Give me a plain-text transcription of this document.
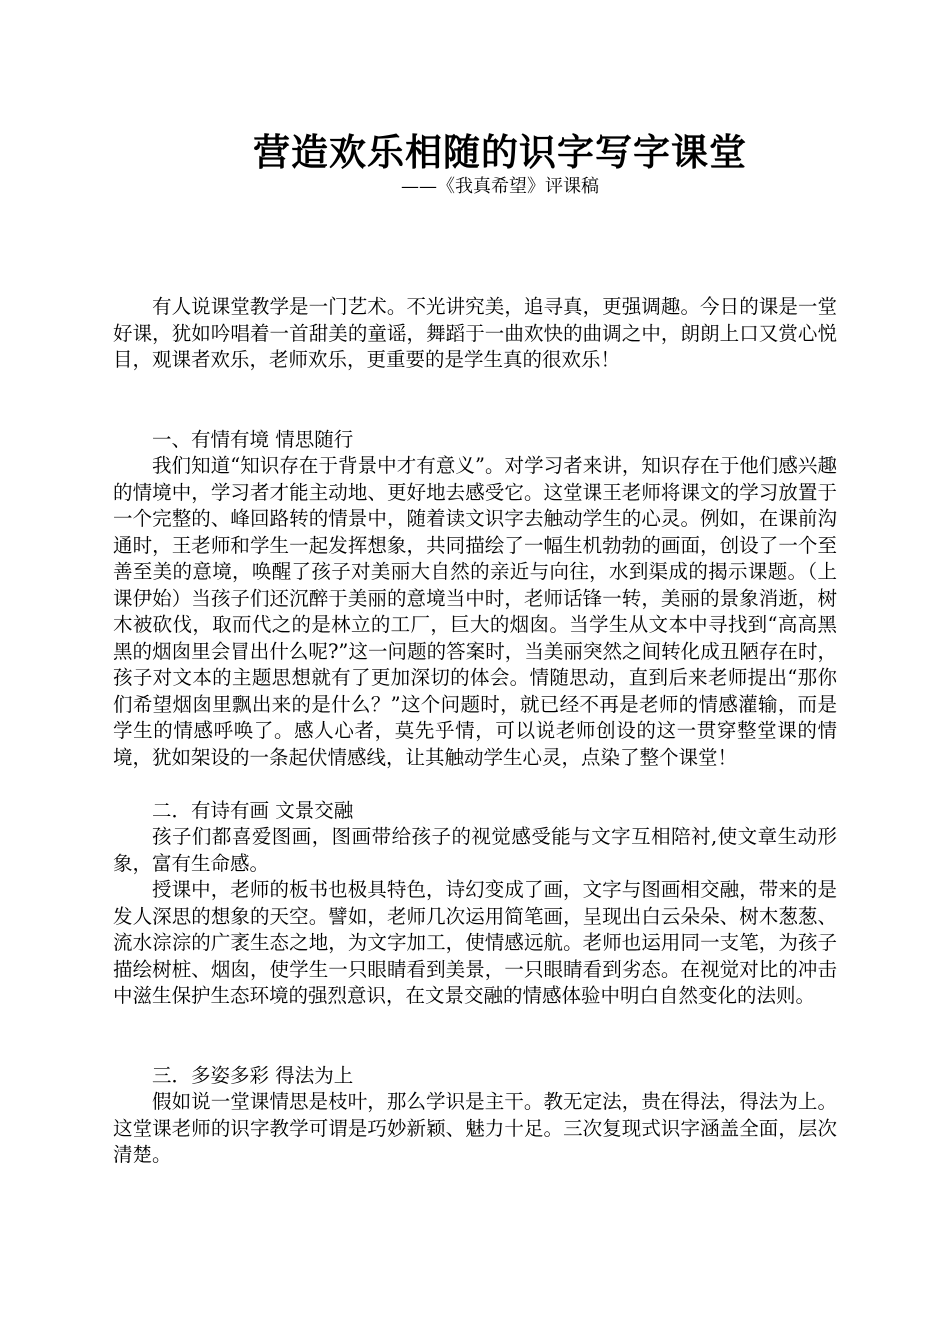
营造欢乐相随的识字写字课堂
——《我真希望》评课稿

有人说课堂教学是一门艺术。不光讲究美，追寻真，更强调趣。今日的课是一堂好课，犹如吟唱着一首甜美的童谣，舞蹈于一曲欢快的曲调之中，朗朗上口又赏心悦目，观课者欢乐，老师欢乐，更重要的是学生真的很欢乐！

一、有情有境 情思随行

我们知道“知识存在于背景中才有意义”。对学习者来讲，知识存在于他们感兴趣的情境中，学习者才能主动地、更好地去感受它。这堂课王老师将课文的学习放置于一个完整的、峰回路转的情景中，随着读文识字去触动学生的心灵。例如，在课前沟通时，王老师和学生一起发挥想象，共同描绘了一幅生机勃勃的画面，创设了一个至善至美的意境，唤醒了孩子对美丽大自然的亲近与向往，水到渠成的揭示课题。（上课伊始）当孩子们还沉醉于美丽的意境当中时，老师话锋一转，美丽的景象消逝，树木被砍伐，取而代之的是林立的工厂，巨大的烟囱。当学生从文本中寻找到“高高黑黑的烟囱里会冒出什么呢?”这一问题的答案时，当美丽突然之间转化成丑陋存在时，孩子对文本的主题思想就有了更加深切的体会。情随思动，直到后来老师提出“那你们希望烟囱里飘出来的是什么？”这个问题时，就已经不再是老师的情感灌输，而是学生的情感呼唤了。感人心者，莫先乎情，可以说老师创设的这一贯穿整堂课的情境，犹如架设的一条起伏情感线，让其触动学生心灵，点染了整个课堂！

二．有诗有画 文景交融

孩子们都喜爱图画，图画带给孩子的视觉感受能与文字互相陪衬,使文章生动形象，富有生命感。

授课中，老师的板书也极具特色，诗幻变成了画，文字与图画相交融，带来的是发人深思的想象的天空。譬如，老师几次运用简笔画，呈现出白云朵朵、树木葱葱、流水淙淙的广袤生态之地，为文字加工，使情感远航。老师也运用同一支笔，为孩子描绘树桩、烟囱，使学生一只眼睛看到美景，一只眼睛看到劣态。在视觉对比的冲击中滋生保护生态环境的强烈意识，在文景交融的情感体验中明白自然变化的法则。

三．多姿多彩 得法为上

假如说一堂课情思是枝叶，那么学识是主干。教无定法，贵在得法，得法为上。这堂课老师的识字教学可谓是巧妙新颖、魅力十足。三次复现式识字涵盖全面，层次清楚。
